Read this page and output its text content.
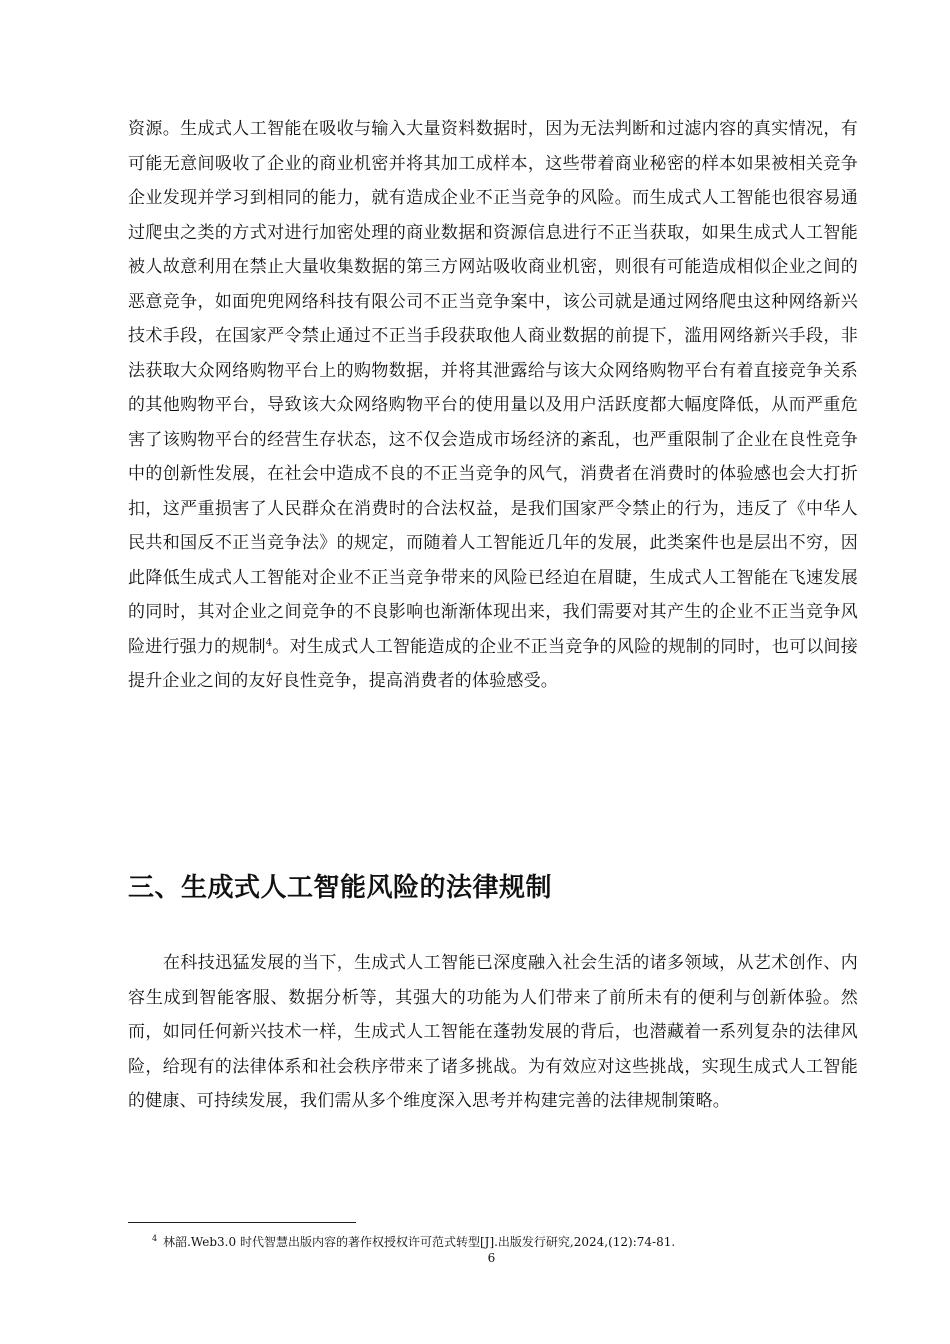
资源。生成式人工智能在吸收与输入大量资料数据时，因为无法判断和过滤内容的真实情况，有可能无意间吸收了企业的商业机密并将其加工成样本，这些带着商业秘密的样本如果被相关竞争企业发现并学习到相同的能力，就有造成企业不正当竞争的风险。而生成式人工智能也很容易通过爬虫之类的方式对进行加密处理的商业数据和资源信息进行不正当获取，如果生成式人工智能被人故意利用在禁止大量收集数据的第三方网站吸收商业机密，则很有可能造成相似企业之间的恶意竞争，如面兜兜网络科技有限公司不正当竞争案中，该公司就是通过网络爬虫这种网络新兴技术手段，在国家严令禁止通过不正当手段获取他人商业数据的前提下，滥用网络新兴手段，非法获取大众网络购物平台上的购物数据，并将其泄露给与该大众网络购物平台有着直接竞争关系的其他购物平台，导致该大众网络购物平台的使用量以及用户活跃度都大幅度降低，从而严重危害了该购物平台的经营生存状态，这不仅会造成市场经济的紊乱，也严重限制了企业在良性竞争中的创新性发展，在社会中造成不良的不正当竞争的风气，消费者在消费时的体验感也会大打折扣，这严重损害了人民群众在消费时的合法权益，是我们国家严令禁止的行为，违反了《中华人民共和国反不正当竞争法》的规定，而随着人工智能近几年的发展，此类案件也是层出不穷，因此降低生成式人工智能对企业不正当竞争带来的风险已经迫在眉睫，生成式人工智能在飞速发展的同时，其对企业之间竞争的不良影响也渐渐体现出来，我们需要对其产生的企业不正当竞争风险进行强力的规制$^4$。对生成式人工智能造成的企业不正当竞争的风险的规制的同时，也可以间接提升企业之间的友好良性竞争，提高消费者的体验感受。

三、生成式人工智能风险的法律规制

在科技迅猛发展的当下，生成式人工智能已深度融入社会生活的诸多领域，从艺术创作、内容生成到智能客服、数据分析等，其强大的功能为人们带来了前所未有的便利与创新体验。然而，如同任何新兴技术一样，生成式人工智能在蓬勃发展的背后，也潜藏着一系列复杂的法律风险，给现有的法律体系和社会秩序带来了诸多挑战。为有效应对这些挑战，实现生成式人工智能的健康、可持续发展，我们需从多个维度深入思考并构建完善的法律规制策略。

$^4$ 林韶.Web3.0 时代智慧出版内容的著作权授权许可范式转型[J].出版发行研究,2024,(12):74-81.

6
